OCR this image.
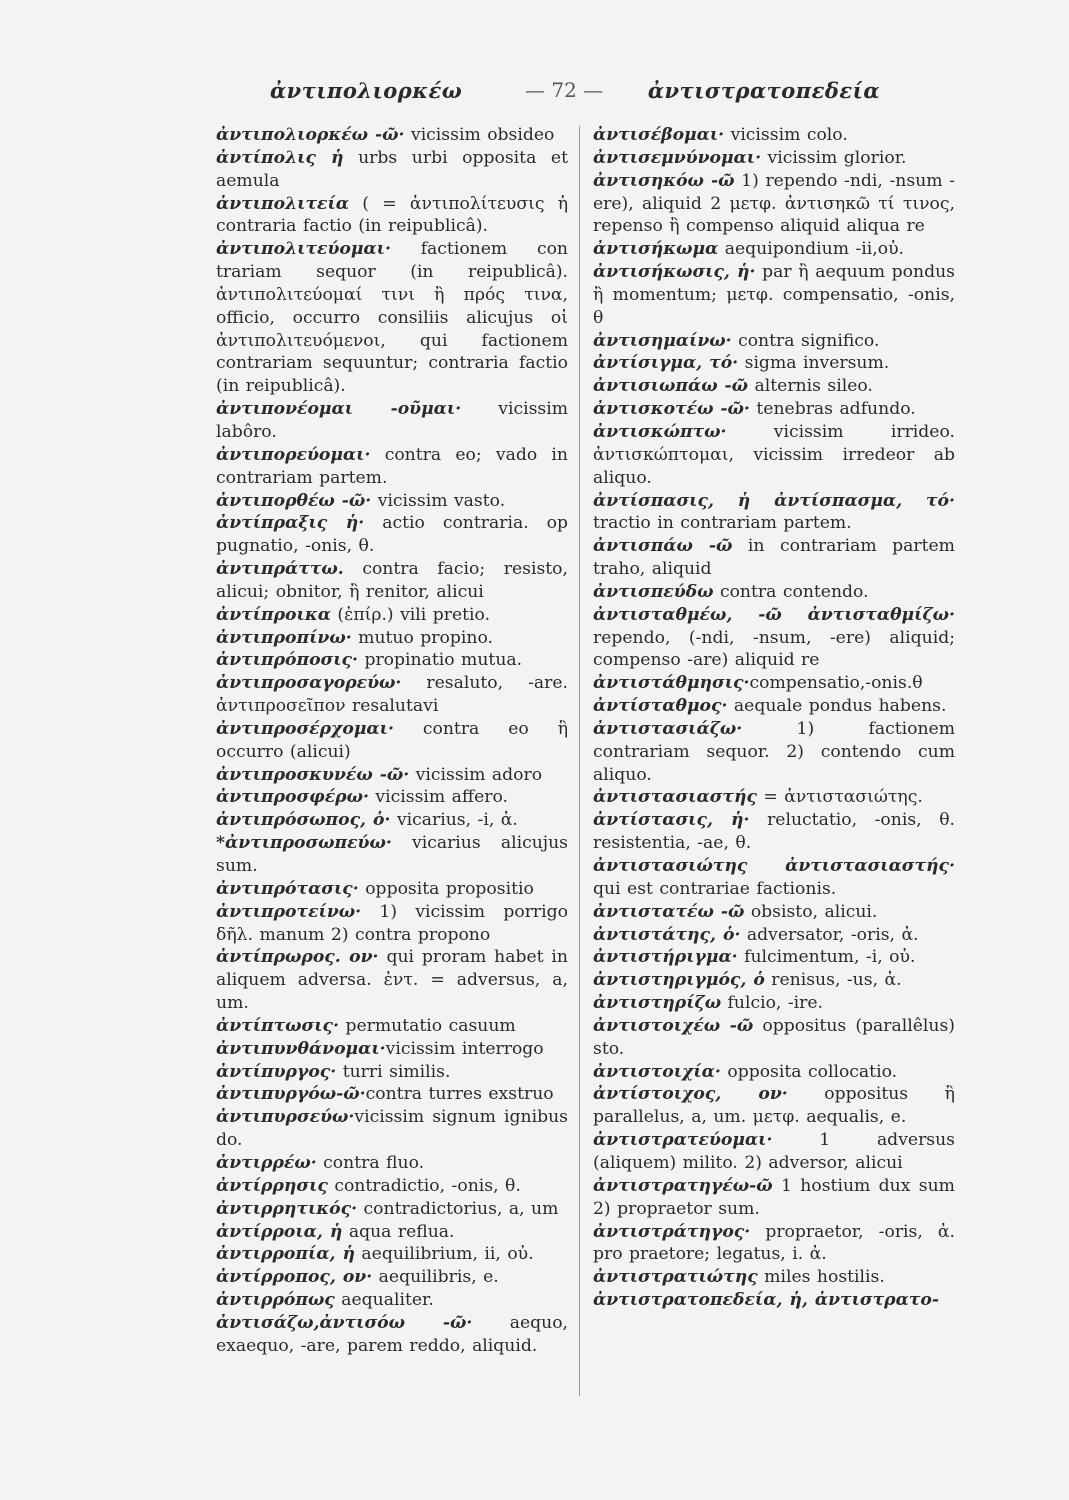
ἀντιπολιορκέω	— 72 — ἀντιστρατοπεδεία

ἀντιπολιορκέω -ῶ· vicissim obsideo

ἀντίπολις ἡ urbs urbi opposita et aemula

ἀντιπολιτεία ( = ἀντιπολίτευσις ἡ contraria factio (in reipublicâ).

ἀντιπολιτεύομαι· factionem con trariam sequor (in reipublicâ). ἀντιπολιτεύομαί τινι ἢ πρός τινα, officio, occurro consiliis alicujus οἱ ἀντιπολιτευόμενοι, qui factionem contrariam sequuntur; contraria factio (in reipublicâ).

ἀντιπονέομαι -οῦμαι· vicissim labôro.

ἀντιπορεύομαι· contra eo; vado in contrariam partem.

ἀντιπορθέω -ῶ· vicissim vasto.

ἀντίπραξις ἡ· actio contraria. op pugnatio, -onis, θ.

ἀντιπράττω. contra facio; resisto, alicui; obnitor, ἢ renitor, alicui

ἀντίπροικα (ἐπίρ.) vili pretio.

ἀντιπροπίνω· mutuo propino.

ἀντιπρόποσις· propinatio mutua.

ἀντιπροσαγορεύω· resaluto, -are. ἀντιπροσεῖπον resalutavi

ἀντιπροσέρχομαι· contra eo ἢ occurro (alicui)

ἀντιπροσκυνέω -ῶ· vicissim adoro

ἀντιπροσφέρω· vicissim affero.

ἀντιπρόσωπος, ὁ· vicarius, -i, ἀ.

*ἀντιπροσωπεύω· vicarius alicujus sum.

ἀντιπρότασις· opposita propositio

ἀντιπροτείνω· 1) vicissim porrigo δῆλ. manum 2) contra propono

ἀντίπρωρος. ον· qui proram habet in aliquem adversa. ἐντ. = adversus, a, um.

ἀντίπτωσις· permutatio casuum

ἀντιπυνθάνομαι·vicissim interrogo

ἀντίπυργος· turri similis.

ἀντιπυργόω-ῶ·contra turres exstruo

ἀντιπυρσεύω·vicissim signum ignibus do.

ἀντιρρέω· contra fluo.

ἀντίρρησις contradictio, -onis, θ.

ἀντιρρητικός· contradictorius, a, um

ἀντίρροια, ἡ aqua reflua.

ἀντιρροπία, ἡ aequilibrium, ii, οὐ.

ἀντίρροπος, ον· aequilibris, e.

ἀντιρρόπως aequaliter.

ἀντισάζω,ἀντισόω -ῶ· aequo, exaequo, -are, parem reddo, aliquid.

ἀντισέβομαι· vicissim colo.

ἀντισεμνύνομαι· vicissim glorior.

ἀντισηκόω -ῶ 1) rependo -ndi, -nsum -ere), aliquid 2 μετφ. ἀντισηκῶ τί τινος, repenso ἢ compenso aliquid aliqua re

ἀντισήκωμα aequipondium -ii,οὐ.

ἀντισήκωσις, ἡ· par ἢ aequum pondus ἢ momentum; μετφ. compensatio, -onis, θ

ἀντισημαίνω· contra significo.

ἀντίσιγμα, τό· sigma inversum.

ἀντισιωπάω -ῶ alternis sileo.

ἀντισκοτέω -ῶ· tenebras adfundo.

ἀντισκώπτω· vicissim irrideo. ἀντισκώπτομαι, vicissim irredeor ab aliquo.

ἀντίσπασις, ἡ ἀντίσπασμα, τό· tractio in contrariam partem.

ἀντισπάω -ῶ in contrariam partem traho, aliquid

ἀντισπεύδω contra contendo.

ἀντισταθμέω, -ῶ ἀντισταθμίζω· rependo, (-ndi, -nsum, -ere) aliquid; compenso -are) aliquid re

ἀντιστάθμησις·compensatio,-onis.θ

ἀντίσταθμος· aequale pondus habens.

ἀντιστασιάζω· 1) factionem contrariam sequor. 2) contendo cum aliquo.

ἀντιστασιαστής = ἀντιστασιώτης.

ἀντίστασις, ἡ· reluctatio, -onis, θ. resistentia, -ae, θ.

ἀντιστασιώτης ἀντιστασιαστής· qui est contrariae factionis.

ἀντιστατέω -ῶ obsisto, alicui.

ἀντιστάτης, ὁ· adversator, -oris, ἀ.

ἀντιστήριγμα· fulcimentum, -i, οὐ.

ἀντιστηριγμός, ὁ renisus, -us, ἀ.

ἀντιστηρίζω fulcio, -ire.

ἀντιστοιχέω -ῶ oppositus (parallêlus) sto.

ἀντιστοιχία· opposita collocatio.

ἀντίστοιχος, ον· oppositus ἢ parallelus, a, um. μετφ. aequalis, e.

ἀντιστρατεύομαι· 1 adversus (aliquem) milito. 2) adversor, alicui

ἀντιστρατηγέω-ῶ 1 hostium dux sum 2) propraetor sum.

ἀντιστράτηγος· propraetor, -oris, ἀ. pro praetore; legatus, i. ἀ.

ἀντιστρατιώτης miles hostilis.

ἀντιστρατοπεδεία, ἡ, ἀντιστρατο-
